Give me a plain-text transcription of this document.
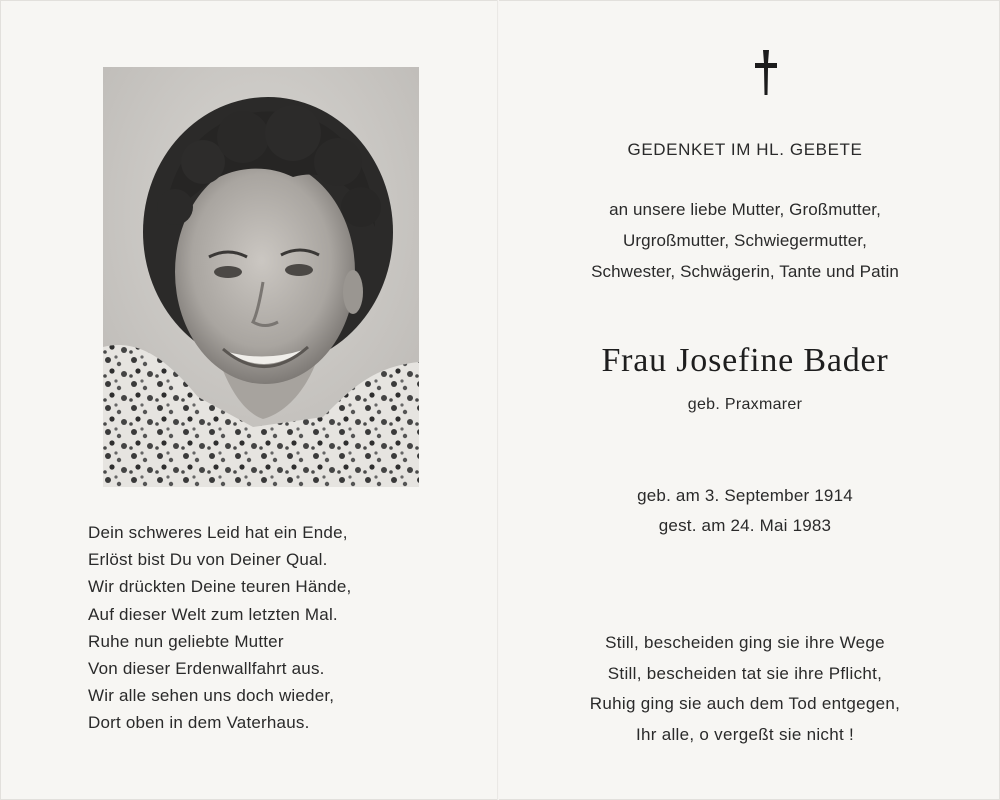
Dein schweres Leid hat ein Ende,
Erlöst bist Du von Deiner Qual.
Wir drückten Deine teuren Hände,
Auf dieser Welt zum letzten Mal.
Ruhe nun geliebte Mutter
Von dieser Erdenwallfahrt aus.
Wir alle sehen uns doch wieder,
Dort oben in dem Vaterhaus.
GEDENKET IM HL. GEBETE
an unsere liebe Mutter, Großmutter,
Urgroßmutter, Schwiegermutter,
Schwester, Schwägerin, Tante und Patin
Frau Josefine Bader
geb. Praxmarer
geb. am 3. September 1914
gest. am 24. Mai 1983
Still, bescheiden ging sie ihre Wege
Still, bescheiden tat sie ihre Pflicht,
Ruhig ging sie auch dem Tod entgegen,
Ihr alle, o vergeßt sie nicht !
